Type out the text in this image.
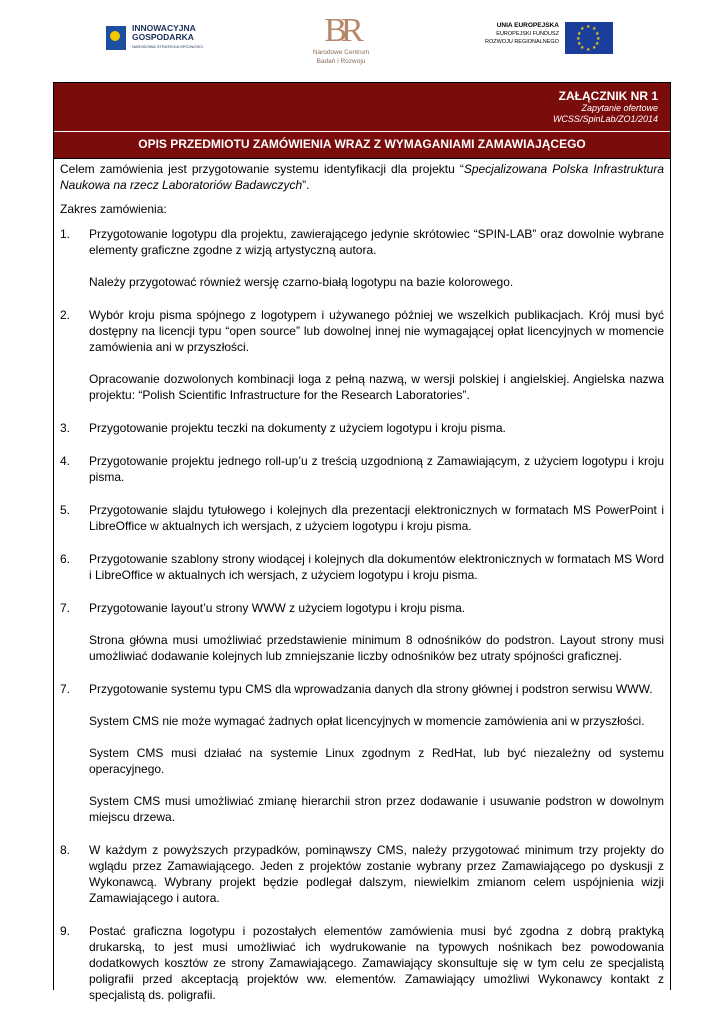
INNOWACYJNA
GOSPODARKA
NARODOWA STRATEGIA SPÓJNOŚCI	BR
Narodowe Centrum
Badań i Rozwoju
UNIA EUROPEJSKA
EUROPEJSKI FUNDUSZ
ROZWOJU REGIONALNEGO
★ ★
★
★
★
★
★
★
★
★
★
★
ZAŁĄCZNIK NR 1
Zapytanie ofertowe
WCSS/SpinLab/ZO1/2014
OPIS PRZEDMIOTU ZAMÓWIENIA WRAZ Z WYMAGANIAMI ZAMAWIAJĄCEGO

Celem zamówienia jest przygotowanie systemu identyfikacji dla projektu “Specjalizowana Polska Infrastruktura Naukowa na rzecz Laboratoriów Badawczych”.

Zakres zamówienia:

1.	Przygotowanie logotypu dla projektu, zawierającego jedynie skrótowiec “SPIN-LAB” oraz dowolnie wybrane elementy graficzne zgodne z wizją artystyczną autora.

Należy przygotować również wersję czarno-białą logotypu na bazie kolorowego.

2.	Wybór kroju pisma spójnego z logotypem i używanego później we wszelkich publikacjach. Krój musi być dostępny na licencji typu “open source” lub dowolnej innej nie wymagającej opłat licencyjnych w momencie zamówienia ani w przyszłości.

Opracowanie dozwolonych kombinacji loga z pełną nazwą, w wersji polskiej i angielskiej. Angielska nazwa projektu: “Polish Scientific Infrastructure for the Research Laboratories”.

3.	Przygotowanie projektu teczki na dokumenty z użyciem logotypu i kroju pisma.

4.	Przygotowanie projektu jednego roll-up’u z treścią uzgodnioną z Zamawiającym, z użyciem logotypu i kroju pisma.

5.	Przygotowanie slajdu tytułowego i kolejnych dla prezentacji elektronicznych w formatach MS PowerPoint i LibreOffice w aktualnych ich wersjach, z użyciem logotypu i kroju pisma.

6.	Przygotowanie szablony strony wiodącej i kolejnych dla dokumentów elektronicznych w formatach MS Word i LibreOffice w aktualnych ich wersjach, z użyciem logotypu i kroju pisma.

7.	Przygotowanie layout’u strony WWW z użyciem logotypu i kroju pisma.

Strona główna musi umożliwiać przedstawienie minimum 8 odnośników do podstron. Layout strony musi umożliwiać dodawanie kolejnych lub zmniejszanie liczby odnośników bez utraty spójności graficznej.

7.	Przygotowanie systemu typu CMS dla wprowadzania danych dla strony głównej i podstron serwisu WWW.

System CMS nie może wymagać żadnych opłat licencyjnych w momencie zamówienia ani w przyszłości.

System CMS musi działać na systemie Linux zgodnym z RedHat, lub być niezależny od systemu operacyjnego.

System CMS musi umożliwiać zmianę hierarchii stron przez dodawanie i usuwanie podstron w dowolnym miejscu drzewa.

8.	W każdym z powyższych przypadków, pominąwszy CMS, należy przygotować minimum trzy projekty do wglądu przez Zamawiającego. Jeden z projektów zostanie wybrany przez Zamawiającego po dyskusji z Wykonawcą. Wybrany projekt będzie podlegał dalszym, niewielkim zmianom celem uspójnienia wizji Zamawiającego i autora.

9.	Postać graficzna logotypu i pozostałych elementów zamówienia musi być zgodna z dobrą praktyką drukarską, to jest musi umożliwiać ich wydrukowanie na typowych nośnikach bez powodowania dodatkowych kosztów ze strony Zamawiającego. Zamawiający skonsultuje się w tym celu ze specjalistą poligrafii przed akceptacją projektów ww. elementów. Zamawiający umożliwi Wykonawcy kontakt z specjalistą ds. poligrafii.
